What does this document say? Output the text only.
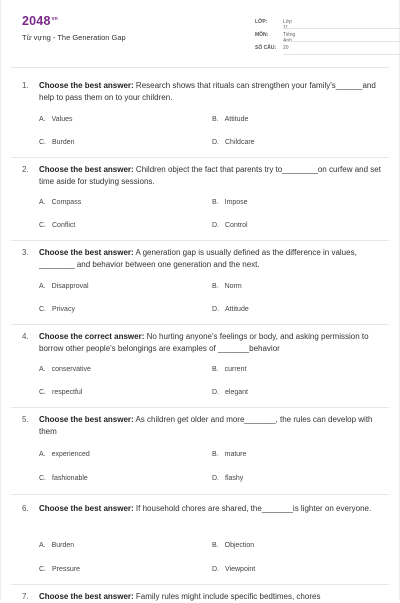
$2048^{vn}$
Từ vựng - The Generation Gap
LỚP:	Lớp 11
MÔN:	Tiếng Anh
SỐ CÂU:	20
1. Choose the best answer: Research shows that rituals can strengthen your family's______and help to pass them on to your children.
A. Values	B. Attitude
C. Burden	D. Childcare
2. Choose the best answer: Children object the fact that parents try to________on curfew and set time aside for studying sessions.
A. Compass	B. Impose
C. Conflict	D. Control
3. Choose the best answer: A generation gap is usually defined as the difference in values, ________ and behavior between one generation and the next.
A. Disapproval	B. Norm
C. Privacy	D. Attitude
4. Choose the correct answer: No hurting anyone's feelings or body, and asking permission to borrow other people's belongings are examples of _______behavior
A. conservative	B. current
C. respectful	D. elegant
5. Choose the best answer: As children get older and more_______, the rules can develop with them
A. experienced	B. mature
C. fashionable	D. flashy
6. Choose the best answer: If household chores are shared, the_______is lighter on everyone.
A. Burden	B. Objection
C. Pressure	D. Viewpoint
7. Choose the best answer: Family rules might include specific bedtimes, chores
